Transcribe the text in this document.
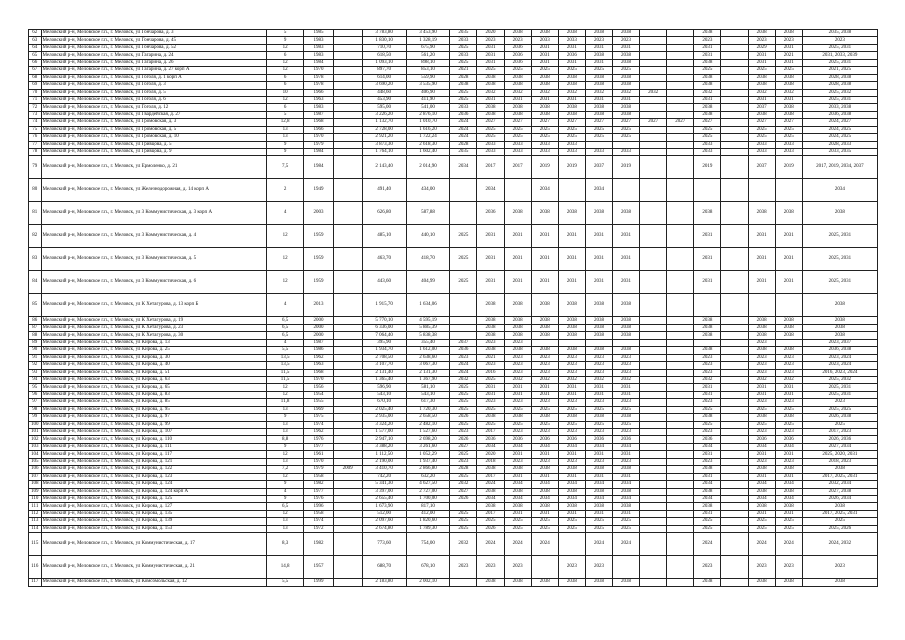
62	Меловский р-н, Меловское г.п., г. Меловск, ул Гончарова, д. 3	5	1985		3 783,80	3 453,90	2035	2020	2038	2038	2038	2038	2038			2038		2038	2038	2035, 2038
63	Меловский р-н, Меловское г.п., г. Меловск, ул Гончарова, д. 45	9	1983		1 830,10	1 328,19	2033	2023	2023	2033	2033	2023	2023			2023		2023	2023	2023
64	Меловский р-н, Меловское г.п., г. Меловск, ул Гончарова, д. 52	12	1983		710,70	675,90	2025	2031	2036	2031	2031	2031	2031			2031		2029	2031	2025, 2031
65	Меловский р-н, Меловское г.п., г. Меловск, ул Гагарина, д. 24	6	1983		618,50	561,20	2033	2031	2036	2031	2036	2038	2038			2031		2031	2021	2031, 2033, 2039
66	Меловский р-н, Меловское г.п., г. Меловск, ул Гагарина, д. 26	12	1984		1 093,10	898,10	2025	2031	2036	2031	2031	2031	2038			2038		2031	2031	2025, 2031
67	Меловский р-н, Меловское г.п., г. Меловск, ул Гагарина, д. 27 корп А	12	1970		897,70	853,10	2021	2025	2025	2025	2025	2025	2025			2025		2025	2025	2021, 2025
68	Меловский р-н, Меловское г.п., г. Меловск, ул Гоголя, д. 1 корп А	6	1978		614,00	559,90	2028	2038	2038	2038	2038	2038	2038			2038		2038	2038	2028, 2038
69	Меловский р-н, Меловское г.п., г. Меловск, ул Гоголя, д. 3	6	1978		3 690,20	3 535,90	2038	2038	2038	2038	2038	2038	2038			2038		2038	2038	2028, 2038
70	Меловский р-н, Меловское г.п., г. Меловск, ул Гоголя, д. 5	10	1966		448,60	406,90	2025	2032	2032	2032	2032	2032	2032	2032		2032		2032	2032	2025, 2032
71	Меловский р-н, Меловское г.п., г. Меловск, ул Гоголя, д. 6	12	1963		453,90	411,90	2025	2031	2031	2031	2031	2031	2031			2031		2031	2031	2025, 2031
72	Меловский р-н, Меловское г.п., г. Меловск, ул Гоголя, д. 12	6	1983		595,00	541,00	2033	2038	2038	2038	2038	2038	2038			2038		2037	2038	2033, 2038
73	Меловский р-н, Меловское г.п., г. Меловск, ул Гвардейская, д. 27	5	1987		3 226,20	2 876,10	2036	2038	2038	2038	2038	2038	2038			2038		2038	2038	2036, 2038
74	Меловский р-н, Меловское г.п., г. Меловск, ул Громовская, д. 3	12,8	1968		1 132,70	1 010,70	2024	2027	2027	2027	2027	2027	2027	2027	2027	2027		2027	2027	2024, 2027
75	Меловский р-н, Меловское г.п., г. Меловск, ул Громовская, д. 5	13	1966		2 728,00	1 616,20	2024	2025	2025	2025	2025	2025	2025			2025		2025	2025	2024, 2025
76	Меловский р-н, Меловское г.п., г. Меловск, ул Громовская, д. 10	13	1970		2 921,20	1 722,24	2024	2025	2025	2025	2025	2025	2025			2025		2025	2025	2024, 2025
77	Меловский р-н, Меловское г.п., г. Меловск, ул Гривцова, д. 5	9	1979		3 873,30	2 618,30	2028	2033	2033	2033	2033					2033		2033	2033	2028, 2033
78	Меловский р-н, Меловское г.п., г. Меловск, ул Гривцова, д. 9	9	1984		1 764,10	1 602,40	2035	2033	2033	2033	2033	2033	2033			2033		2033	2033	2033, 2035
79	Меловский р-н, Меловское г.п., г. Меловск, ул Ермоленко, д. 21	7,5	1984		2 143,40	2 014,90	2034	2017	2017	2019	2019	2037	2019			2019		2037	2019	2017, 2019, 2034, 2037
80	Меловский р-н, Меловское г.п., г. Меловск, ул Железнодорожная, д. 14 корп А	2	1949		491,40	434,00		2034		2034		2034								2034
81	Меловский р-н, Меловское г.п., г. Меловск, ул 3 Коммунистическая, д. 3 корп А	4	2003		626,80	587,88		2036	2038	2038	2038	2038	2038			2038		2038	2038	2038
82	Меловский р-н, Меловское г.п., г. Меловск, ул 3 Коммунистическая, д. 4	12	1959		485,10	440,10	2025	2031	2031	2031	2031	2031	2031			2031		2031	2031	2025, 2031
83	Меловский р-н, Меловское г.п., г. Меловск, ул 3 Коммунистическая, д. 5	12	1959		463,70	418,70	2025	2031	2031	2031	2031	2031	2031			2031		2031	2031	2025, 2031
84	Меловский р-н, Меловское г.п., г. Меловск, ул 3 Коммунистическая, д. 6	12	1959		443,60	404,99	2025	2031	2031	2031	2031	2031	2031			2031		2031	2031	2025, 2031
85	Меловский р-н, Меловское г.п., г. Меловск, ул К Хетагурова, д. 13 корп Б	4	2013		1 915,70	1 634,06		2038	2038	2038	2038	2038	2038							2038
86	Меловский р-н, Меловское г.п., г. Меловск, ул К Хетагурова, д. 19	6,5	2000		5 770,10	4 595,19		2038	2038	2038	2038	2038	2038			2038		2038	2038	2038
87	Меловский р-н, Меловское г.п., г. Меловск, ул К Хетагурова, д. 23	6,5	2000		6 336,00	5 885,39		2038	2038	2038	2038	2038	2038			2038		2038	2038	2038
88	Меловский р-н, Меловское г.п., г. Меловск, ул К Хетагурова, д. 30	6,5	2000		7 064,40	5 838,38		2038	2038	2038	2038	2038	2038			2038		2038	2038	2038
89	Меловский р-н, Меловское г.п., г. Меловск, ул Кирова, д. 13	4	1987		395,90	355,40	2037	2023	2023									2023		2023, 2037
90	Меловский р-н, Меловское г.п., г. Меловск, ул Кирова, д. 25	5,5	1986		1 934,70	1 612,00	2036	2038	2038	2038	2038	2038	2038			2038		2038	2038	2036, 2038
91	Меловский р-н, Меловское г.п., г. Меловск, ул Кирова, д. 30	13,5	1962		2 708,50	2 638,60	2023	2021	2023	2023	2023	2023	2023			2023		2023	2023	2023, 2024
92	Меловский р-н, Меловское г.п., г. Меловск, ул Кирова, д. 40	13,5	1963		3 107,70	3 067,30	2024	2023	2023	2023	2023	2023	2023			2023		2023	2023	2023, 2024
93	Меловский р-н, Меловское г.п., г. Меловск, ул Кирова, д. 51	11,5	1968		2 131,40	2 131,30	2024	2016	2023	2023	2023	2023	2023			2023		2023	2023	2016, 2023, 2024
94	Меловский р-н, Меловское г.п., г. Меловск, ул Кирова, д. 63	11,5	1970		1 365,40	1 367,90	2032	2025	2032	2032	2032	2032	2032			2032		2032	2032	2025, 2032
95	Меловский р-н, Меловское г.п., г. Меловск, ул Кирова, д. 65	12	1956		596,90	581,10	2025	2031	2031	2031	2031	2031	2031			2031		2031	2031	2025, 2031
96	Меловский р-н, Меловское г.п., г. Меловск, ул Кирова, д. 83	12	1954		543,10	543,10	2025	2031	2031	2031	2031	2031	2031			2031		2031	2031	2025, 2031
97	Меловский р-н, Меловское г.п., г. Меловск, ул Кирова, д. 85	11,8	1955		670,10	617,30	2025	2023	2023	2023	2023	2023	2023			2023		2023	2023	2023
98	Меловский р-н, Меловское г.п., г. Меловск, ул Кирова, д. 95	13	1969		2 025,40	1 720,30	2025	2025	2025	2025	2025	2025	2025			2025		2025	2025	2025, 2025
99	Меловский р-н, Меловское г.п., г. Меловск, ул Кирова, д. 97	9	1975		2 935,00	2 658,50	2026	2038	2038	2038	2038	2038	2038			2038		2038	2038	2026, 2038
100	Меловский р-н, Меловское г.п., г. Меловск, ул Кирова, д. 99	13	1974		3 324,20	2 482,10	2025	2025	2025	2025	2025	2025	2025			2025		2025	2025	2025
101	Меловский р-н, Меловское г.п., г. Меловск, ул Кирова, д. 107	13	1962		1 577,00	1 527,60	2023	2017	2023	2023	2023	2023	2023			2023		2023	2023	2017, 2023
102	Меловский р-н, Меловское г.п., г. Меловск, ул Кирова, д. 110	8,8	1976		2 947,10	2 698,20	2026	2036	2036	2036	2036	2036	2036			2036		2036	2036	2026, 2036
103	Меловский р-н, Меловское г.п., г. Меловск, ул Кирова, д. 111	9	1977		3 388,20	3 261,60	2027	2034	2034	2034	2034	2034	2034			2034		2034	2034	2027, 2034
104	Меловский р-н, Меловское г.п., г. Меловск, ул Кирова, д. 117	12	1961		1 112,50	1 052,29	2025	2020	2031	2031	2031	2031	2031			2031		2031	2031	2025, 2020, 2031
105	Меловский р-н, Меловское г.п., г. Меловск, ул Кирова, д. 121	13	1970		2 190,00	1 937,40	2023	2018	2023	2023	2023	2023	2023			2023		2023	2023	2018, 2023
106	Меловский р-н, Меловское г.п., г. Меловск, ул Кирова, д. 122	7,2	1979	2009	3 410,70	2 866,80	2028	2038	2038	2038	2038	2038	2038			2038		2038	2038	2038
107	Меловский р-н, Меловское г.п., г. Меловск, ул Кирова, д. 123	12	1958		742,20	632,20	2025	2017	2031	2031	2031	2031	2031			2031		2031	2031	2017, 2025, 2031
108	Меловский р-н, Меловское г.п., г. Меловск, ул Кирова, д. 124	9	1982		5 341,30	4 627,50	2032	2024	2034	2034	2034	2034	2034			2034		2034	2034	2032, 2034
109	Меловский р-н, Меловское г.п., г. Меловск, ул Кирова, д. 124 корп А	4	1977		3 397,00	2 727,00	2027	2038	2038	2038	2038	2038	2038			2038		2038	2038	2027, 2038
110	Меловский р-н, Меловское г.п., г. Меловск, ул Кирова, д. 125	9	1976		2 655,40	1 700,00	2026	2034	2034	2034	2034	2034	2034			2034		2034	2034	2026, 2034
111	Меловский р-н, Меловское г.п., г. Меловск, ул Кирова, д. 127	6,5	1996		1 673,90	817,10		2038	2038	2038	2038	2038	2038			2038		2038	2038	2038
112	Меловский р-н, Меловское г.п., г. Меловск, ул Кирова, д. 135	12	1958		512,00	412,00	2025	2017	2031	2031	2031	2031	2031			2031		2031	2031	2017, 2025, 2031
113	Меловский р-н, Меловское г.п., г. Меловск, ул Кирова, д. 139	13	1974		2 097,60	1 820,60	2025	2025	2025	2025	2025	2025	2025			2025		2025	2025	2025
114	Меловский р-н, Меловское г.п., г. Меловск, ул Кирова, д. 153	13	1972		2 674,80	1 789,30	2025	2026	2025	2025	2025	2025	2025			2025		2025	2025	2025, 2026
115	Меловский р-н, Меловское г.п., г. Меловск, ул Коммунистическая, д. 17	8,3	1982		773,60	754,00	2032	2024	2024	2024		2024	2024			2024		2024	2024	2024, 2032
116	Меловский р-н, Меловское г.п., г. Меловск, ул Коммунистическая, д. 21	14,8	1957		688,70	678,10	2023	2023	2023		2023	2023				2023		2023	2023	2023
117	Меловский р-н, Меловское г.п., г. Меловск, ул Комсомольская, д. 12	5,5	1999		2 183,80	2 002,10		2038	2038	2038	2038	2038	2038			2038		2038	2038	2038
